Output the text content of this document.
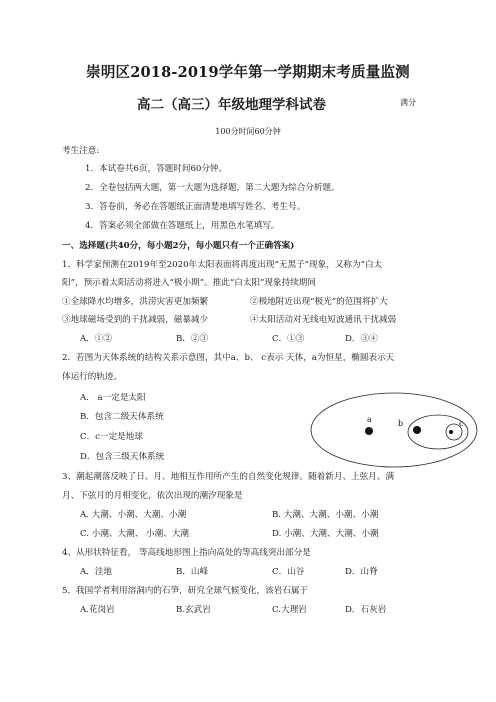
崇明区2018-2019学年第一学期期末考质量监测
高二（高三）年级地理学科试卷	满分
100分时间60分钟
考生注意:
1．本试卷共6页，答题时间60分钟。
2．全卷包括两大题，第一大题为选择题，第二大题为综合分析题。
3．答卷前，务必在答题纸正面清楚地填写姓名、考生号。
4．答案必须全部做在答题纸上，用黑色水笔填写。
一、选择题(共40分，每小题2分，每小题只有一个正确答案)
1、科学家预测在2019年至2020年太阳表面将再度出现“无黑子”现象，又称为“白太
阳”，预示着太阳活动将进入“极小期”。推此“白太阳”现象持续期间
①全球降水均增多，洪涝灾害更加频繁	②极地附近出现“极光”的范围将扩大
③地球磁场受到的干扰减弱，磁暴减少	④太阳活动对无线电短波通讯干扰减弱
A．①②	B．②③	C．①③	D．③④
2．若图为天体系统的结构关系示意图，其中a、b、 c表示 天体，a为恒星，椭圆表示天
体运行的轨迹。
A． a一定是太阳
B．包含二级天体系统
C．c一定是地球
D．包含三级天体系统
a	b	c
3、潮起潮落反映了日、月、地相互作用所产生的自然变化规律。随着新月、上弦月、满
月、下弦月的月相变化，依次出现的潮汐现象是
A. 大潮、小潮、大潮、小潮	B. 大潮、大潮、小潮、小潮
C. 小潮、大潮、 小潮、大潮	D. 小潮、大潮、大潮、小潮
4、从形状特征看， 等高线地形图上指向高处的等高线突出部分是
A．洼地	B．山峰	C．山谷	D．山脊
5．我国学者利用溶洞内的石笋，研究全球气候变化，该岩石属于
A.花岗岩	B.玄武岩	C.大理岩	D．石灰岩
